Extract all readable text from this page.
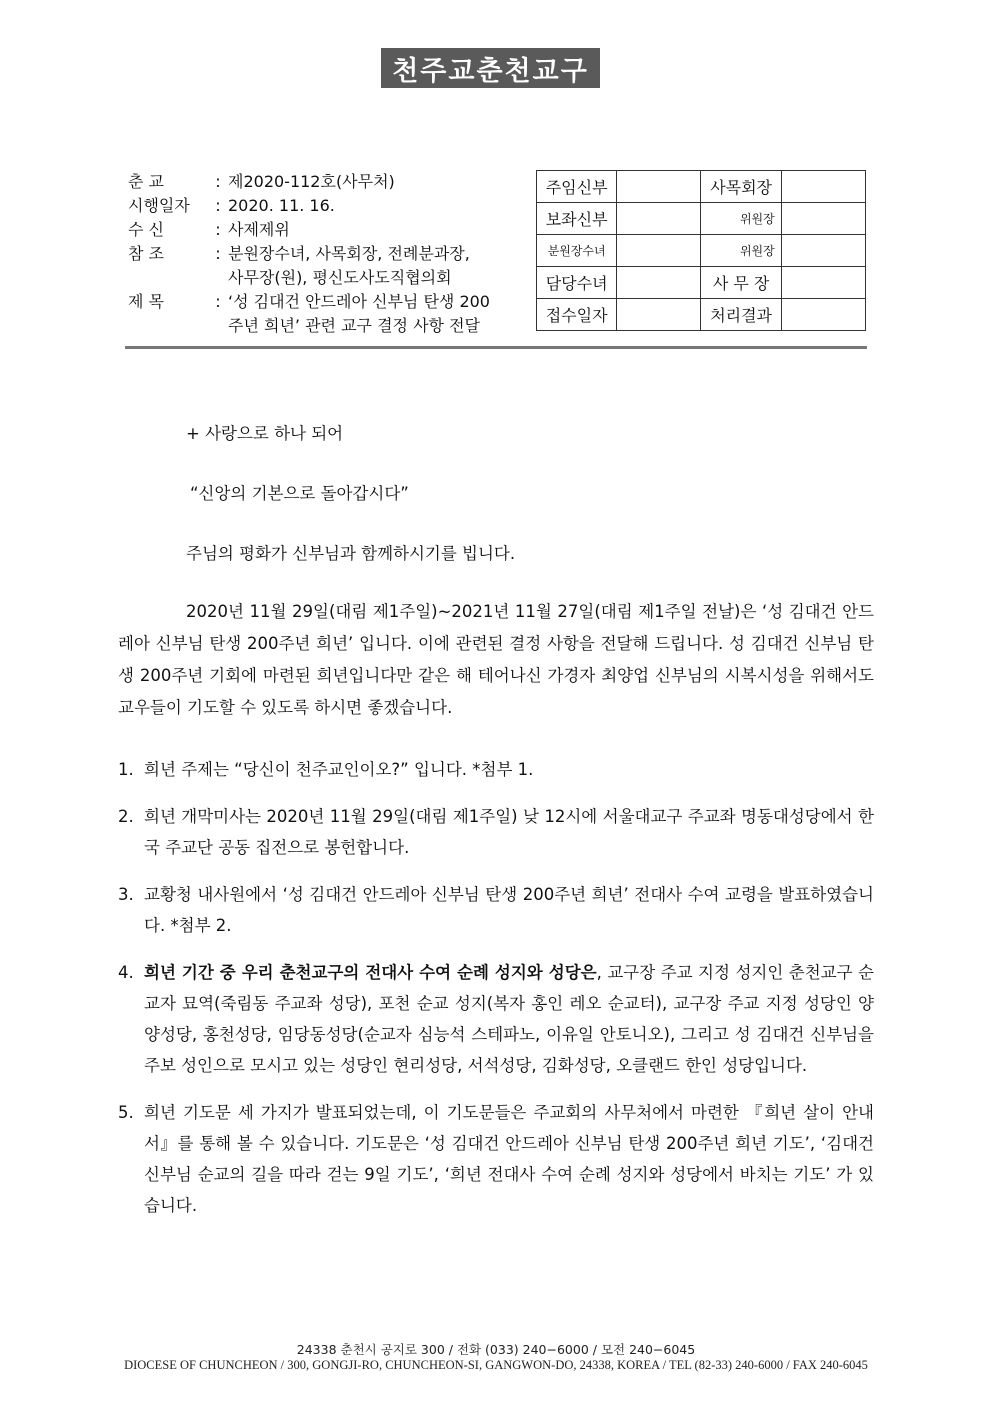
천주교춘천교구
춘 교	: 제2020-112호(사무처)
시행일자	: 2020. 11. 16.
수 신	: 사제제위
참 조	: 분원장수녀, 사목회장, 전례분과장,
사무장(원), 평신도사도직협의회
제 목	: ‘성 김대건 안드레아 신부님 탄생 200
주년 희년’ 관련 교구 결정 사항 전달
주임신부		사목회장	
보좌신부		위원장	
분원장수녀		위원장	
담당수녀		사 무 장	
접수일자		처리결과	
+ 사랑으로 하나 되어
“신앙의 기본으로 돌아갑시다”
주님의 평화가 신부님과 함께하시기를 빕니다.
2020년 11월 29일(대림 제1주일)~2021년 11월 27일(대림 제1주일 전날)은 ‘성 김대건 안드레아 신부님 탄생 200주년 희년’ 입니다. 이에 관련된 결정 사항을 전달해 드립니다. 성 김대건 신부님 탄생 200주년 기회에 마련된 희년입니다만 같은 해 테어나신 가경자 최양업 신부님의 시복시성을 위해서도 교우들이 기도할 수 있도록 하시면 좋겠습니다.
1. 희년 주제는 “당신이 천주교인이오?” 입니다. *첨부 1.
2. 희년 개막미사는 2020년 11월 29일(대림 제1주일) 낮 12시에 서울대교구 주교좌 명동대성당에서 한국 주교단 공동 집전으로 봉헌합니다.
3. 교황청 내사원에서 ‘성 김대건 안드레아 신부님 탄생 200주년 희년’ 전대사 수여 교령을 발표하였습니다. *첨부 2.
4. 희년 기간 중 우리 춘천교구의 전대사 수여 순례 성지와 성당은, 교구장 주교 지정 성지인 춘천교구 순교자 묘역(죽림동 주교좌 성당), 포천 순교 성지(복자 홍인 레오 순교터), 교구장 주교 지정 성당인 양양성당, 홍천성당, 임당동성당(순교자 심능석 스테파노, 이유일 안토니오), 그리고 성 김대건 신부님을 주보 성인으로 모시고 있는 성당인 현리성당, 서석성당, 김화성당, 오클랜드 한인 성당입니다.
5. 희년 기도문 세 가지가 발표되었는데, 이 기도문들은 주교회의 사무처에서 마련한 『희년 살이 안내서』를 통해 볼 수 있습니다. 기도문은 ‘성 김대건 안드레아 신부님 탄생 200주년 희년 기도’, ‘김대건 신부님 순교의 길을 따라 걷는 9일 기도’, ‘희년 전대사 수여 순례 성지와 성당에서 바치는 기도’ 가 있습니다.
24338 춘천시 공지로 300 / 전화 (033) 240−6000 / 모전 240−6045
DIOCESE OF CHUNCHEON / 300, GONGJI-RO, CHUNCHEON-SI, GANGWON-DO, 24338, KOREA / TEL (82-33) 240-6000 / FAX 240-6045
